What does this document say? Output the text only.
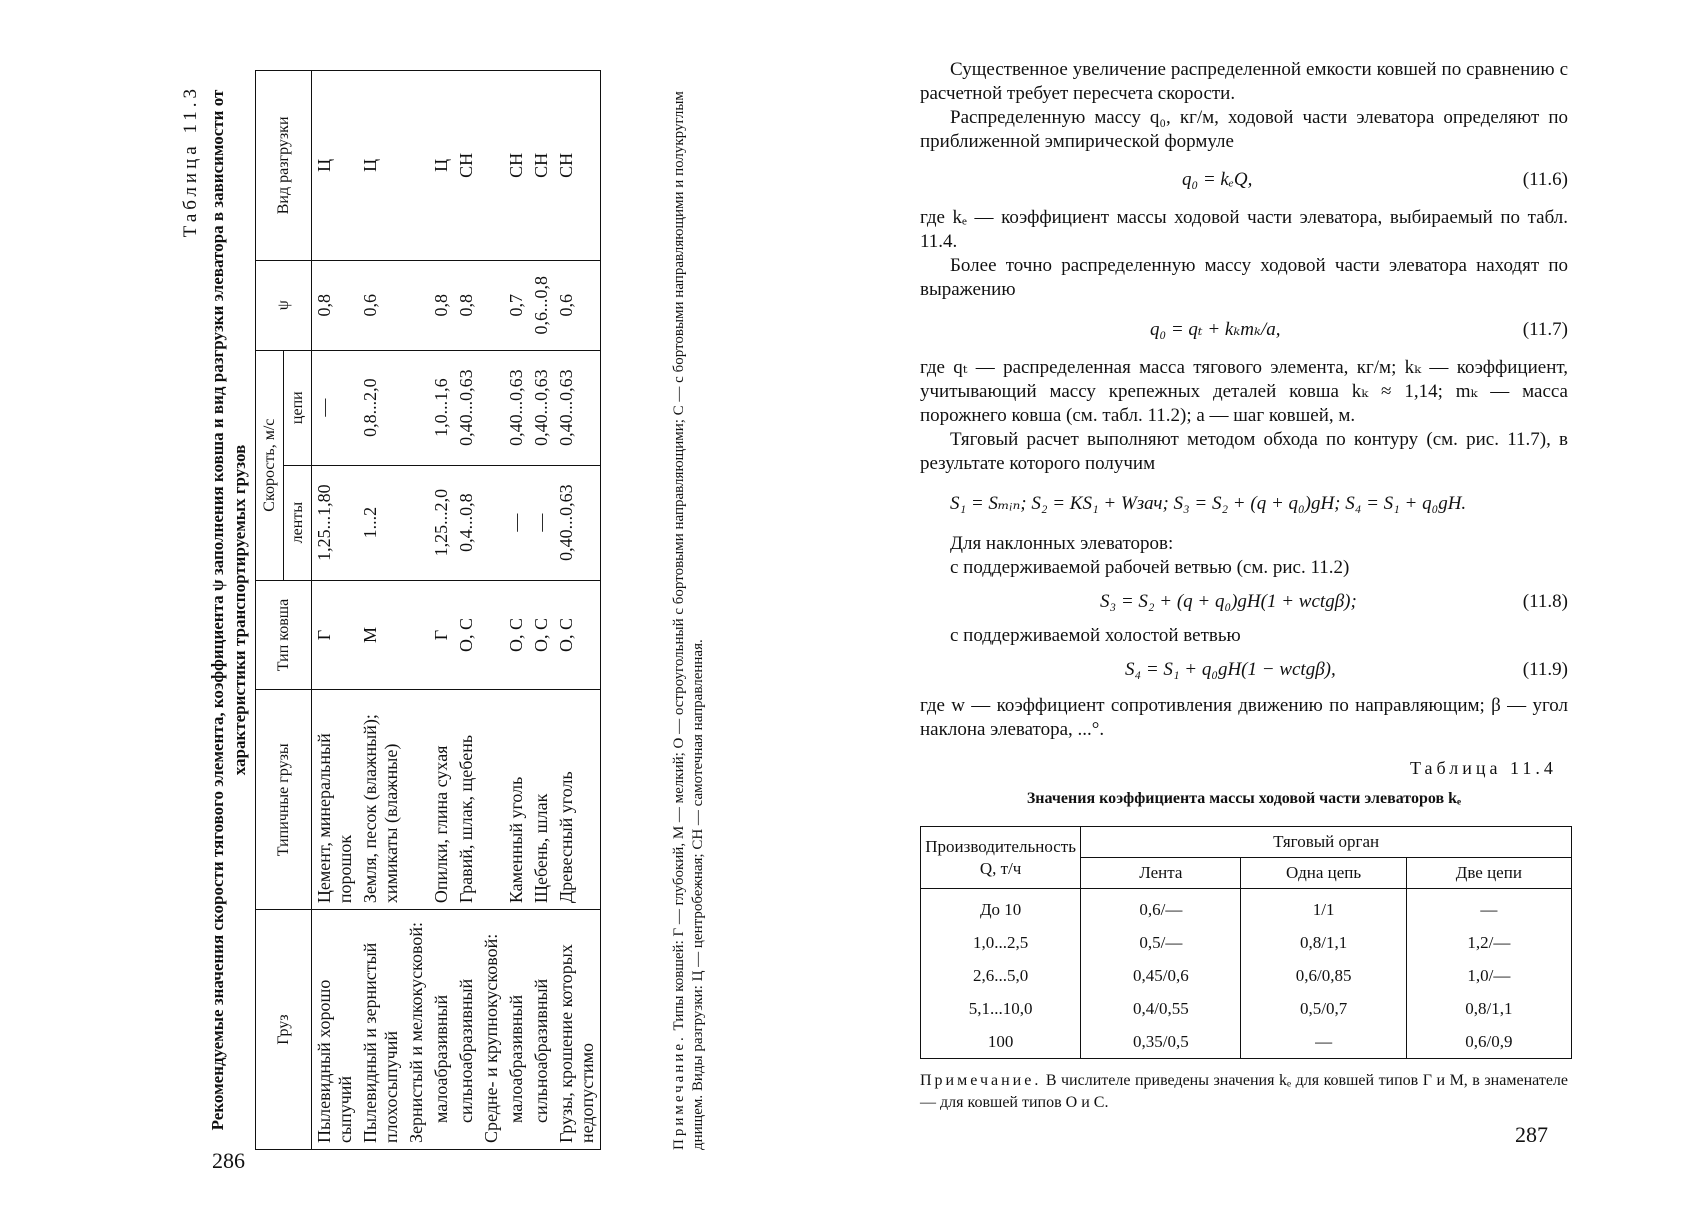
Таблица 11.3 Рекомендуемые значения скорости тягового элемента, коэффициента ψ заполнения ковша и вид разгрузки элеватора в зависимости от характеристики транспортируемых грузов
Груз	Типичные грузы	Тип ковша	Скорость, м/с		ψ	Вид разгрузки
			ленты	цепи		
Пылевидный хорошо сыпучий	Цемент, минеральный порошок	Г	1,25...1,80	—	0,8	Ц
Пылевидный и зернистый плохосыпучий	Земля, песок (влажный); химикаты (влажные)	М	1...2	0,8...2,0	0,6	Ц
Зернистый и мелкокусковой:						
малоабразивный	Опилки, глина сухая	Г	1,25...2,0	1,0...1,6	0,8	Ц
сильноабразивный	Гравий, шлак, щебень	О, С	0,4...0,8	0,40...0,63	0,8	СН
Средне- и крупнокусковой:						
малоабразивный	Каменный уголь	О, С	—	0,40...0,63	0,7	СН
сильноабразивный	Щебень, шлак	О, С	—	0,40...0,63	0,6...0,8	СН
Грузы, крошение которых недопустимо	Древесный уголь	О, С	0,40...0,63	0,40...0,63	0,6	СН
Примечание. Типы ковшей: Г — глубокий, М — мелкий; О — остроугольный с бортовыми направляющими; С — с бортовыми направляющими и полукруглым днищем. Виды разгрузки: Ц — центробежная; СН — самотечная направленная.
286
Существенное увеличение распределенной емкости ковшей по сравнению с расчетной требует пересчета скорости.
Распределенную массу q₀, кг/м, ходовой части элеватора определяют по приближенной эмпирической формуле
q₀ = kₑQ,	(11.6)
где kₑ — коэффициент массы ходовой части элеватора, выбираемый по табл. 11.4.
Более точно распределенную массу ходовой части элеватора находят по выражению
q₀ = qₜ + kₖmₖ/a,	(11.7)
где qₜ — распределенная масса тягового элемента, кг/м; kₖ — коэффициент, учитывающий массу крепежных деталей ковша kₖ ≈ 1,14; mₖ — масса порожнего ковша (см. табл. 11.2); a — шаг ковшей, м.
Тяговый расчет выполняют методом обхода по контуру (см. рис. 11.7), в результате которого получим
S₁ = Sₘᵢₙ; S₂ = KS₁ + Wзач; S₃ = S₂ + (q + q₀)gH; S₄ = S₁ + q₀gH.
Для наклонных элеваторов:
с поддерживаемой рабочей ветвью (см. рис. 11.2)
S₃ = S₂ + (q + q₀)gH(1 + wctgβ);	(11.8)
с поддерживаемой холостой ветвью
S₄ = S₁ + q₀gH(1 − wctgβ),	(11.9)
где w — коэффициент сопротивления движению по направляющим; β — угол наклона элеватора, ...°.
Таблица 11.4
Значения коэффициента массы ходовой части элеваторов kₑ
Производительность Q, т/ч	Тяговый орган		
	Лента	Одна цепь	Две цепи
До 10	0,6/—	1/1	—
1,0...2,5	0,5/—	0,8/1,1	1,2/—
2,6...5,0	0,45/0,6	0,6/0,85	1,0/—
5,1...10,0	0,4/0,55	0,5/0,7	0,8/1,1
100	0,35/0,5	—	0,6/0,9
Примечание. В числителе приведены значения kₑ для ковшей типов Г и М, в знаменателе — для ковшей типов О и С.
287
